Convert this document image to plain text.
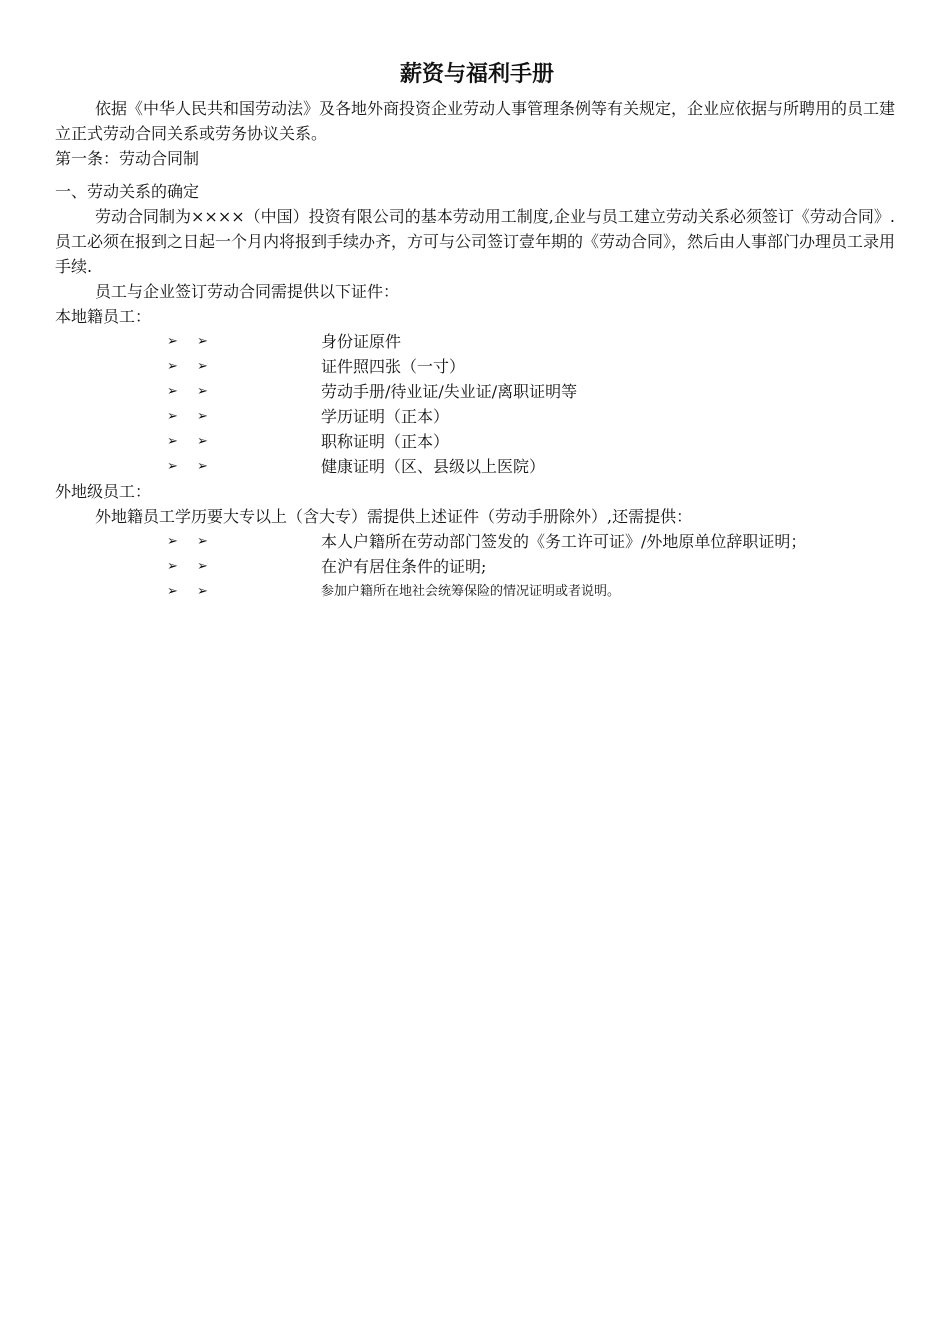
薪资与福利手册

依据《中华人民共和国劳动法》及各地外商投资企业劳动人事管理条例等有关规定，企业应依据与所聘用的员工建立正式劳动合同关系或劳务协议关系。

第一条：劳动合同制

一、劳动关系的确定

劳动合同制为××××（中国）投资有限公司的基本劳动用工制度,企业与员工建立劳动关系必须签订《劳动合同》.员工必须在报到之日起一个月内将报到手续办齐，方可与公司签订壹年期的《劳动合同》，然后由人事部门办理员工录用手续.

员工与企业签订劳动合同需提供以下证件：

本地籍员工：

➢ ➢	身份证原件
➢ ➢	证件照四张（一寸）
➢ ➢	劳动手册/待业证/失业证/离职证明等
➢ ➢	学历证明（正本）
➢ ➢	职称证明（正本）
➢ ➢	健康证明（区、县级以上医院）

外地级员工：

外地籍员工学历要大专以上（含大专）需提供上述证件（劳动手册除外）,还需提供：

➢ ➢	本人户籍所在劳动部门签发的《务工许可证》/外地原单位辞职证明；
➢ ➢	在沪有居住条件的证明;
➢ ➢	参加户籍所在地社会统筹保险的情况证明或者说明。
